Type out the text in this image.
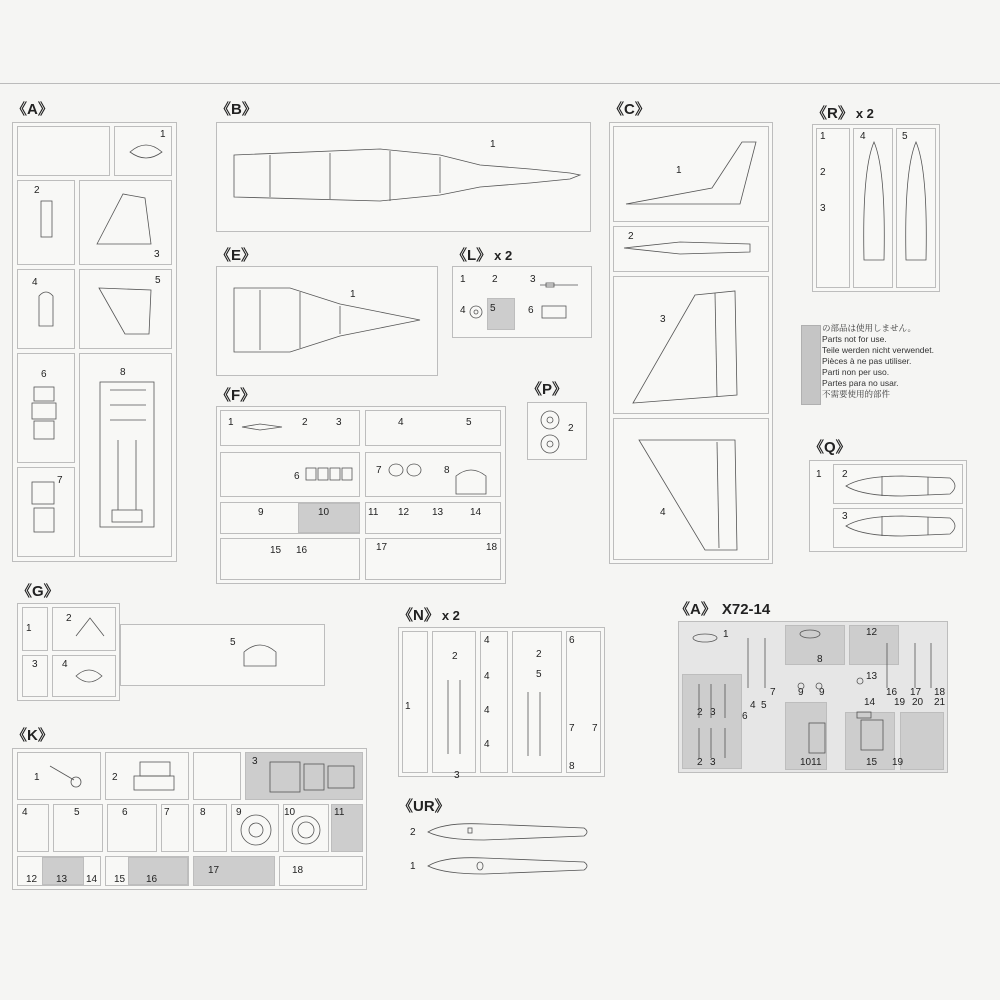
《A》
1
2
3
4	5
6
7
8
《B》
1
《E》
1
《L》 x 2
1	2	3
4 5	6
《F》
1	2	3	4	5
6
7	8
9	10	11 12 13	14
15 16	17	18
《P》
2
《C》
1
2
3
4
《R》 x 2
1
2
3
4	5
の部品は使用しません。
Parts not for use.
Teile werden nicht verwendet.
Pièces à ne pas utiliser.
Parti non per uso.
Partes para no usar.
不需要使用的部件
《Q》
1 2
3
《G》
1
2
3 4
5
《N》 x 2
1
2
3
4
4
4
4
2
5
6
7 7
8
《UR》
2
1
《K》
1	2
3
4	5	6	7	8	9	10	11
12 13 14 15 16
17	18
《A》 X72-14
1
8
12
13
7 9 9	16 17 18
4 5	14 19 20 21
2 3	6
2 3	1011	15 19
